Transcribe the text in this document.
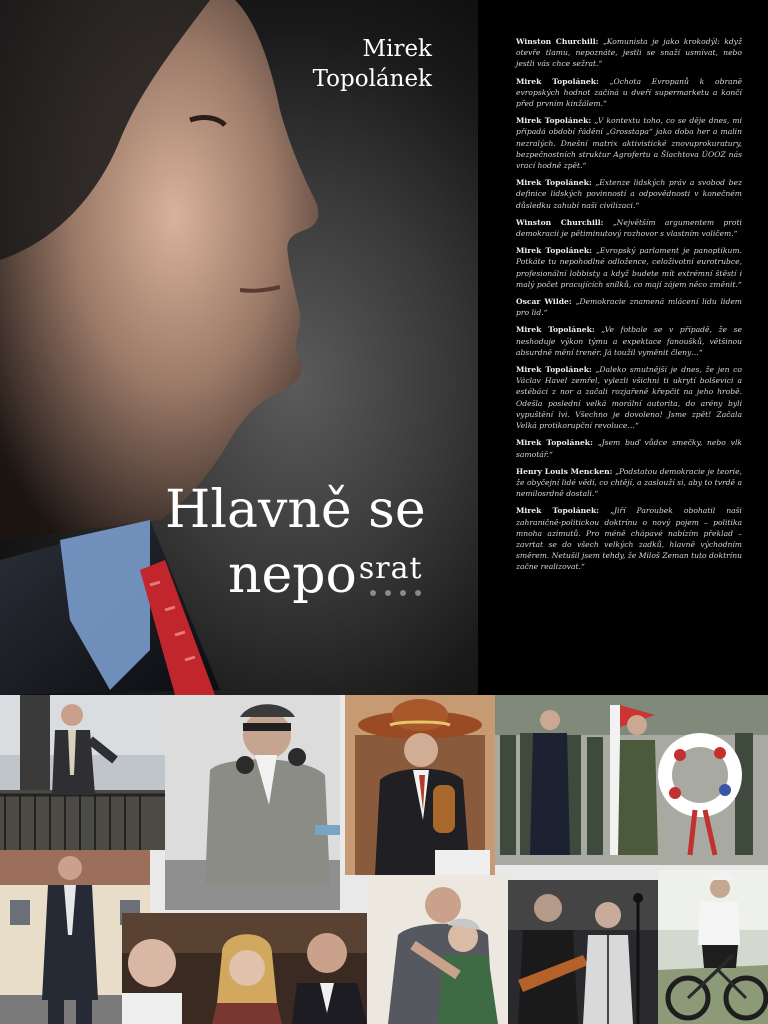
Mirek
Topolánek
Hlavně se
nepo$^{srat}$

Winston Churchill: „Komunista je jako krokodýl: když otevře tlamu, nepoznáte, jestli se snaží usmívat, nebo jestli vás chce sežrat.“

Mirek Topolánek: „Ochota Evropanů k obraně evropských hodnot začíná u dveří supermarketu a končí před prvním kinžálem.“

Mirek Topolánek: „V kontextu toho, co se děje dnes, mi připadá období řádění „Grosstapa“ jako doba her a malin nezralých. Dnešní matrix aktivistické znovuprokuratury, bezpečnostních struktur Agrofertu a Šlachtova ÚOOZ nás vrací hodně zpět.“

Mirek Topolánek: „Extenze lidských práv a svobod bez definice lidských povinností a odpovědnosti v konečném důsledku zahubí naši civilizaci.“

Winston Churchill: „Největším argumentem proti demokracii je pětiminutový rozhovor s vlastním voličem.“

Mirek Topolánek: „Evropský parlament je panoptikum. Potkáte tu nepohodlné odložence, celoživotní eurotrubce, profesionální lobbisty a když budete mít extrémní štěstí i malý počet pracujících snílků, co mají zájem něco změnit.“

Oscar Wilde: „Demokracie znamená mlácení lidu lidem pro lid.“

Mirek Topolánek: „Ve fotbale se v případě, že se neshoduje výkon týmu a expektace fanoušků, většinou absurdně mění trenér. Já toužil vyměnit členy…“

Mirek Topolánek: „Daleko smutnější je dnes, že jen co Václav Havel zemřel, vylezli všichni ti ukrytí bolševici a estébáci z nor a začali rozjařeně křepčit na jeho hrobě. Odešla poslední velká morální autorita, do arény byli vypuštění lvi. Všechno je dovoleno! Jsme zpět! Začala Velká protikorupční revoluce…“

Mirek Topolánek: „Jsem buď vůdce smečky, nebo vlk samotář.“

Henry Louis Mencken: „Podstatou demokracie je teorie, že obyčejní lidé vědí, co chtějí, a zaslouží si, aby to tvrdě a nemilosrdně dostali.“

Mirek Topolánek: „Jiří Paroubek obohatil naši zahraničně-politickou doktrínu o nový pojem – politika mnoha azimutů. Pro méně chápavé nabízím překlad – zavrtat se do všech velkých zadků, hlavně východním směrem. Netušil jsem tehdy, že Miloš Zeman tuto doktrínu začne realizovat.“
